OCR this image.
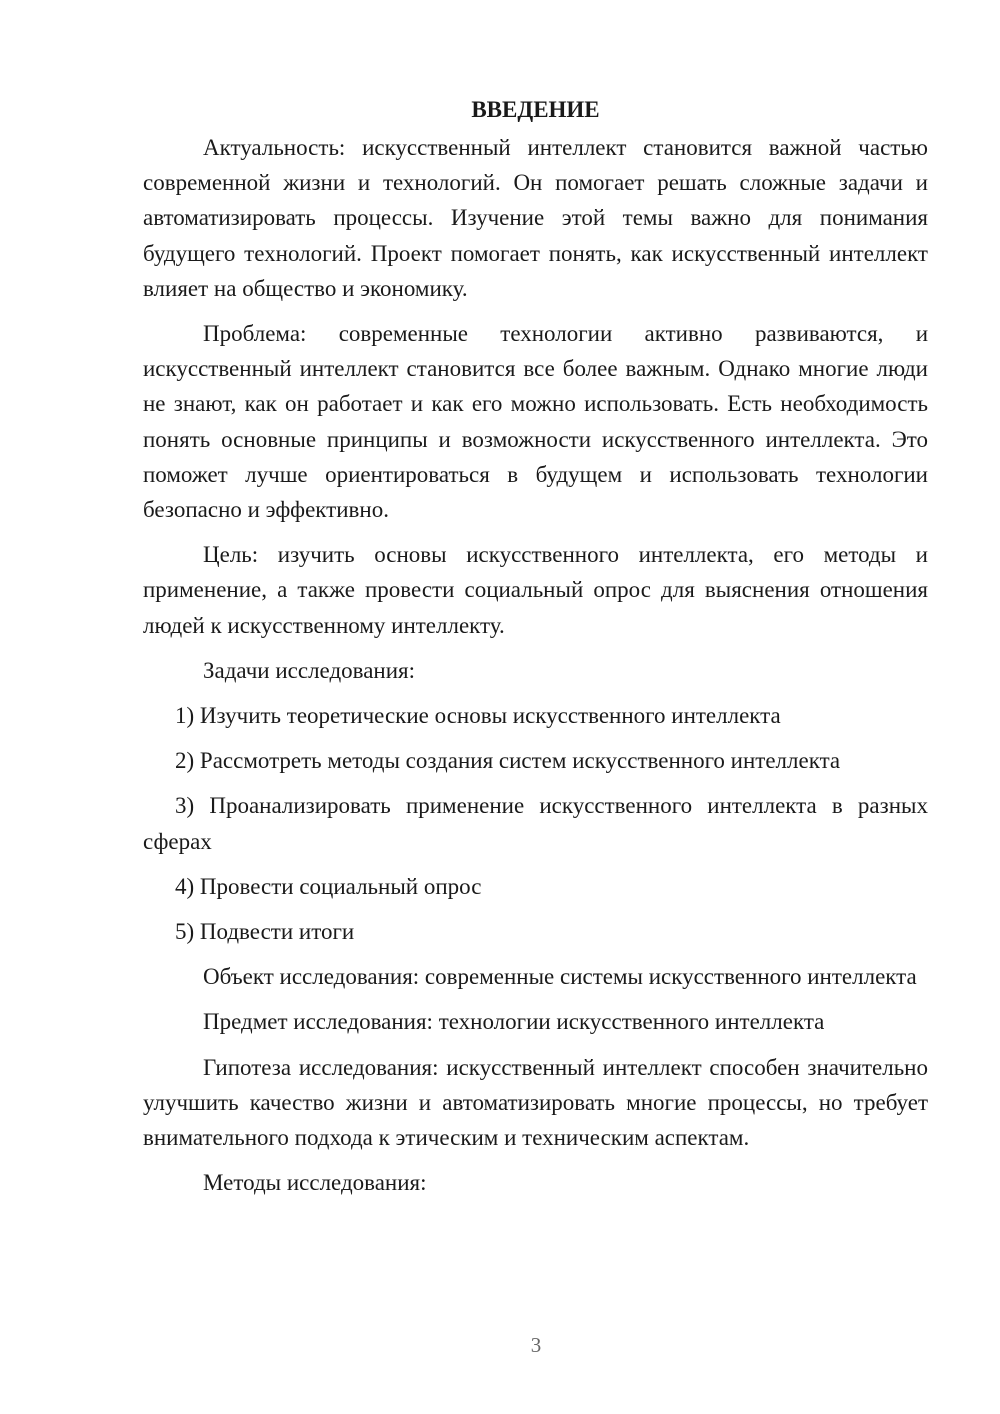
ВВЕДЕНИЕ

Актуальность: искусственный интеллект становится важной частью современной жизни и технологий. Он помогает решать сложные задачи и автоматизировать процессы. Изучение этой темы важно для понимания будущего технологий. Проект помогает понять, как искусственный интеллект влияет на общество и экономику.

Проблема: современные технологии активно развиваются, и искусственный интеллект становится все более важным. Однако многие люди не знают, как он работает и как его можно использовать. Есть необходимость понять основные принципы и возможности искусственного интеллекта. Это поможет лучше ориентироваться в будущем и использовать технологии безопасно и эффективно.

Цель: изучить основы искусственного интеллекта, его методы и применение, а также провести социальный опрос для выяснения отношения людей к искусственному интеллекту.

Задачи исследования:

1) Изучить теоретические основы искусственного интеллекта

2) Рассмотреть методы создания систем искусственного интеллекта

3) Проанализировать применение искусственного интеллекта в разных сферах

4) Провести социальный опрос

5) Подвести итоги

Объект исследования: современные системы искусственного интеллекта

Предмет исследования: технологии искусственного интеллекта

Гипотеза исследования: искусственный интеллект способен значительно улучшить качество жизни и автоматизировать многие процессы, но требует внимательного подхода к этическим и техническим аспектам.

Методы исследования:

3
